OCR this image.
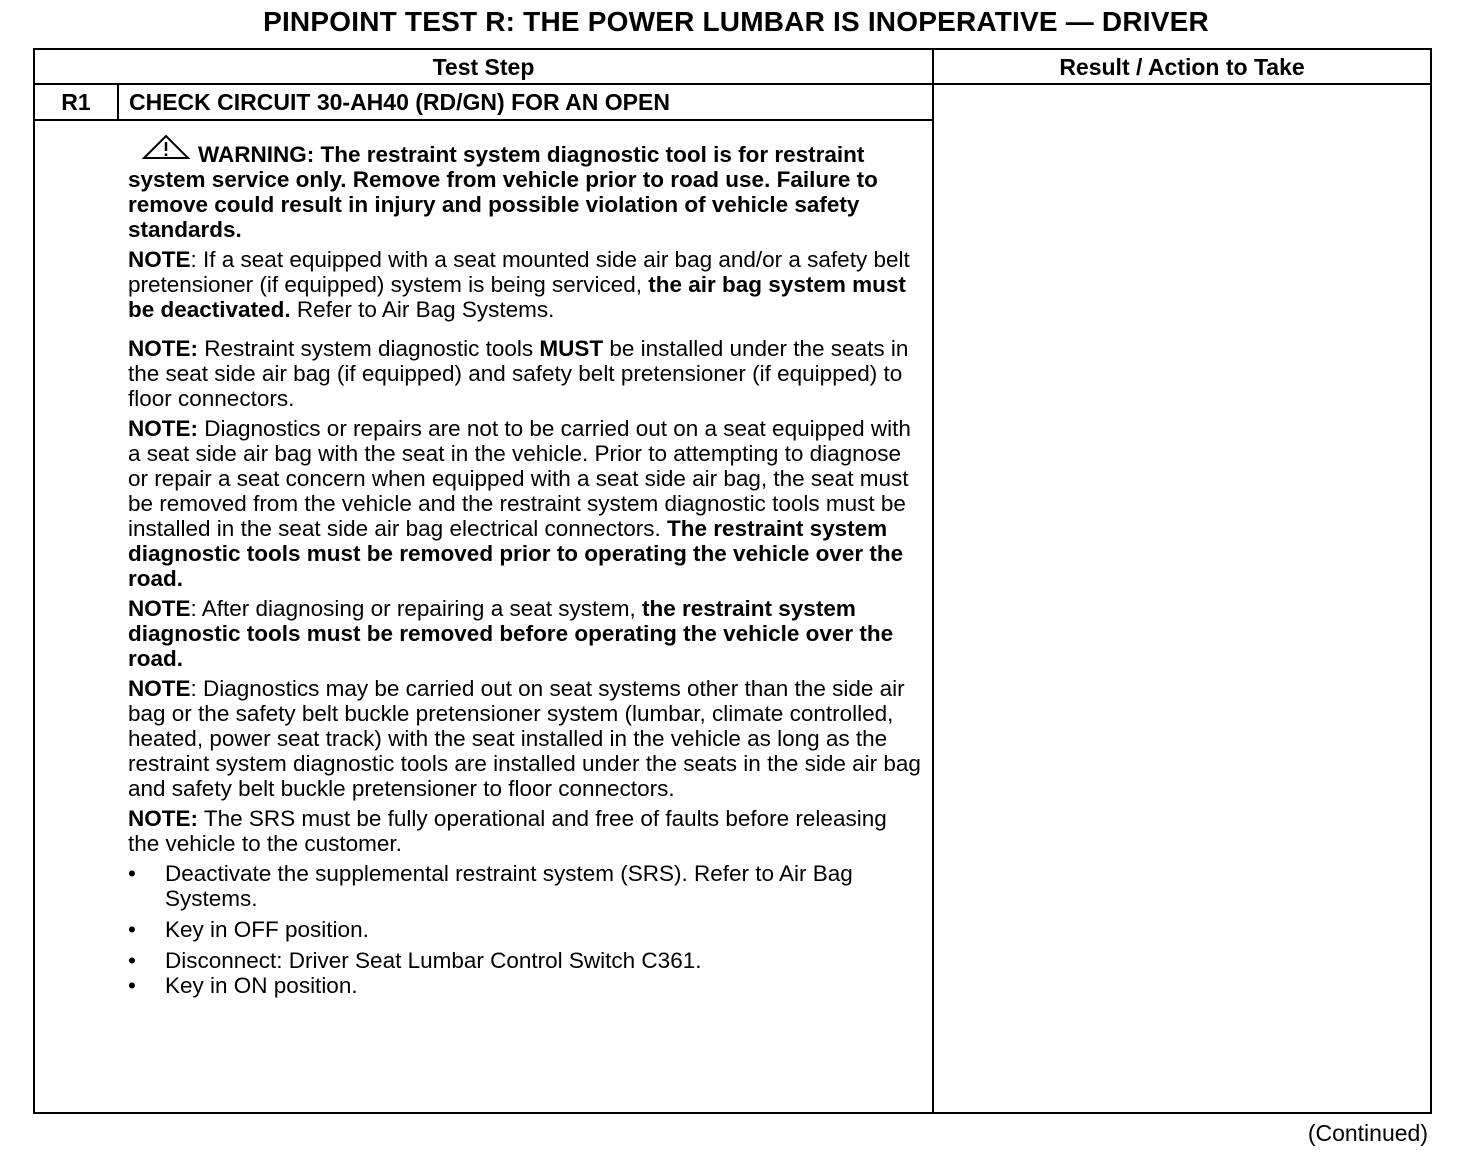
PINPOINT TEST R: THE POWER LUMBAR IS INOPERATIVE — DRIVER
Test Step	Result / Action to Take
R1	CHECK CIRCUIT 30-AH40 (RD/GN) FOR AN OPEN

WARNING: The restraint system diagnostic tool is for restraint system service only. Remove from vehicle prior to road use. Failure to remove could result in injury and possible violation of vehicle safety standards.

NOTE: If a seat equipped with a seat mounted side air bag and/or a safety belt pretensioner (if equipped) system is being serviced, the air bag system must be deactivated. Refer to Air Bag Systems.

NOTE: Restraint system diagnostic tools MUST be installed under the seats in the seat side air bag (if equipped) and safety belt pretensioner (if equipped) to floor connectors.

NOTE: Diagnostics or repairs are not to be carried out on a seat equipped with a seat side air bag with the seat in the vehicle. Prior to attempting to diagnose or repair a seat concern when equipped with a seat side air bag, the seat must be removed from the vehicle and the restraint system diagnostic tools must be installed in the seat side air bag electrical connectors. The restraint system diagnostic tools must be removed prior to operating the vehicle over the road.

NOTE: After diagnosing or repairing a seat system, the restraint system diagnostic tools must be removed before operating the vehicle over the road.

NOTE: Diagnostics may be carried out on seat systems other than the side air bag or the safety belt buckle pretensioner system (lumbar, climate controlled, heated, power seat track) with the seat installed in the vehicle as long as the restraint system diagnostic tools are installed under the seats in the side air bag and safety belt buckle pretensioner to floor connectors.

NOTE: The SRS must be fully operational and free of faults before releasing the vehicle to the customer.

• Deactivate the supplemental restraint system (SRS). Refer to Air Bag Systems.
• Key in OFF position.
• Disconnect: Driver Seat Lumbar Control Switch C361.
• Key in ON position.
(Continued)
